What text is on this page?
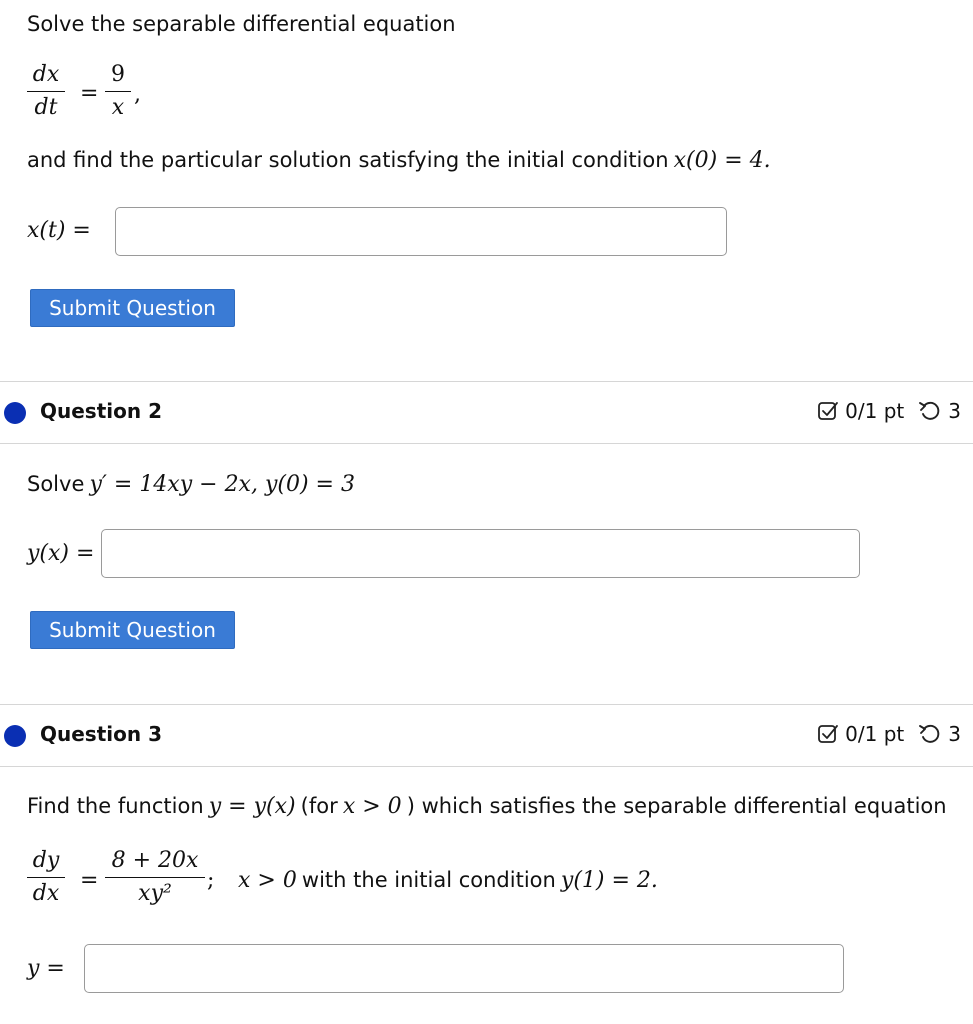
Solve the separable differential equation
dx
dt
=
9
x
,
and find the particular solution satisfying the initial condition x(0) = 4.
x(t) =
Submit Question
Question 2	0/1 pt 3
Solve y′ = 14xy − 2x, y(0) = 3
y(x) =
Submit Question
Question 3	0/1 pt 3
Find the function y = y(x) (for x > 0 ) which satisfies the separable differential equation
dy
dx
=
8 + 20x
xy²
; x > 0 with the initial condition y(1) = 2.
y =
